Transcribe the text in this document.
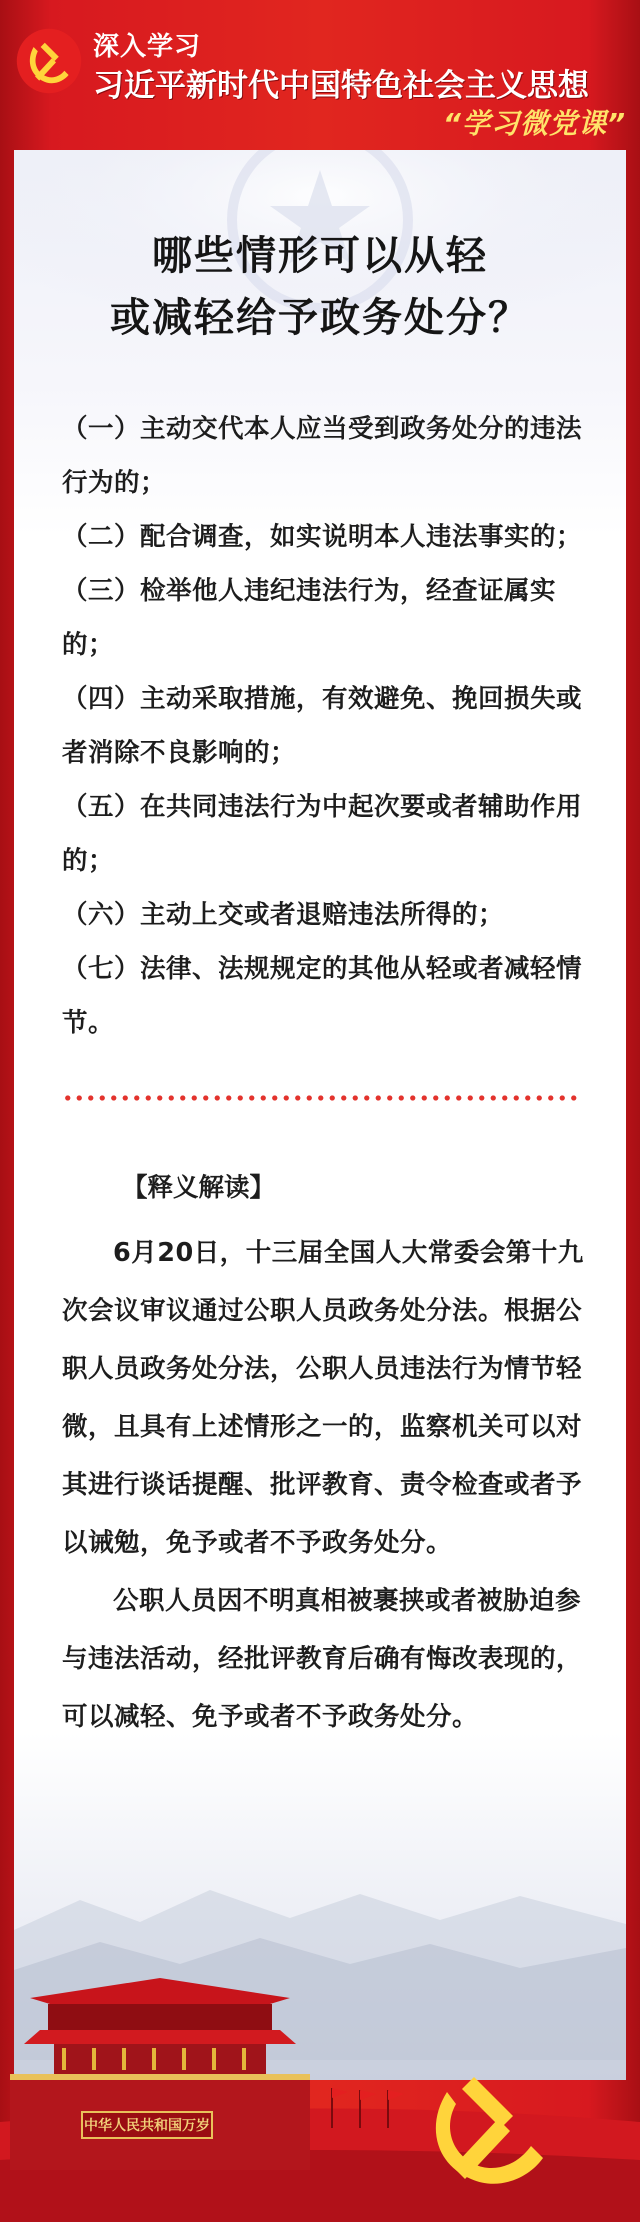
深入学习
习近平新时代中国特色社会主义思想
“学习微党课”
哪些情形可以从轻
或减轻给予政务处分？

（一）主动交代本人应当受到政务处分的违法行为的；

（二）配合调查，如实说明本人违法事实的；

（三）检举他人违纪违法行为，经查证属实的；

（四）主动采取措施，有效避免、挽回损失或者消除不良影响的；

（五）在共同违法行为中起次要或者辅助作用的；

（六）主动上交或者退赔违法所得的；

（七）法律、法规规定的其他从轻或者减轻情节。

【释义解读】

6月20日，十三届全国人大常委会第十九次会议审议通过公职人员政务处分法。根据公职人员政务处分法，公职人员违法行为情节轻微，且具有上述情形之一的，监察机关可以对其进行谈话提醒、批评教育、责令检查或者予以诫勉，免予或者不予政务处分。

公职人员因不明真相被裹挟或者被胁迫参与违法活动，经批评教育后确有悔改表现的，可以减轻、免予或者不予政务处分。

中华人民共和国万岁
